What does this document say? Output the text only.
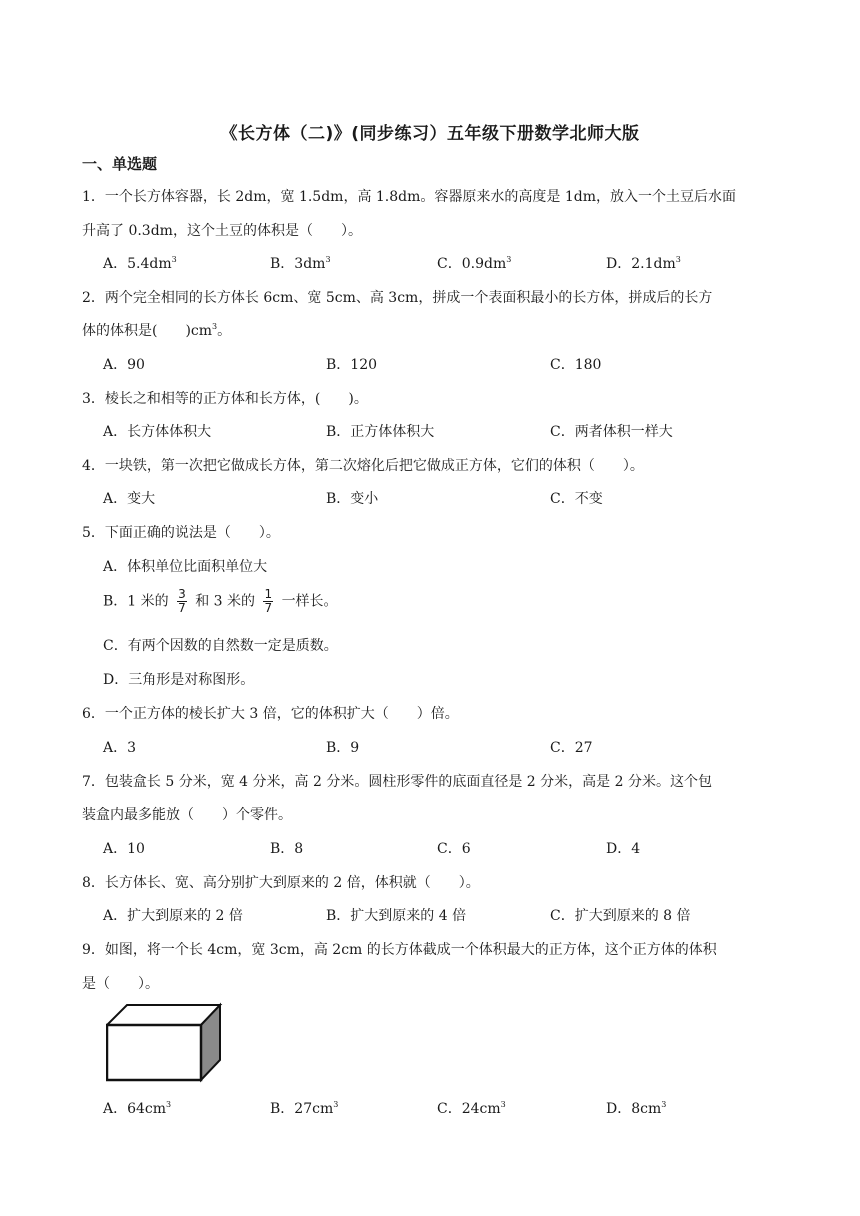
《长方体（二)》(同步练习）五年级下册数学北师大版
一、单选题
1．一个长方体容器，长 2dm，宽 1.5dm，高 1.8dm。容器原来水的高度是 1dm，放入一个土豆后水面
升高了 0.3dm，这个土豆的体积是（　　）。
A．$5.4dm^3$	B．$3dm^3$	C．$0.9dm^3$	D．$2.1dm^3$
2．两个完全相同的长方体长 6cm、宽 5cm、高 3cm，拼成一个表面积最小的长方体，拼成后的长方
体的体积是(　　)$cm^3$。
A．90	B．120	C．180
3．棱长之和相等的正方体和长方体，(　　)。
A．长方体体积大	B．正方体体积大	C．两者体积一样大
4．一块铁，第一次把它做成长方体，第二次熔化后把它做成正方体，它们的体积（　　）。
A．变大	B．变小	C．不变
5．下面正确的说法是（　　）。
A．体积单位比面积单位大
B．1 米的 $\frac{3}{7}$ 和 3 米的 $\frac{1}{7}$ 一样长。
C．有两个因数的自然数一定是质数。
D．三角形是对称图形。
6．一个正方体的棱长扩大 3 倍，它的体积扩大（　　）倍。
A．3	B．9	C．27
7．包装盒长 5 分米，宽 4 分米，高 2 分米。圆柱形零件的底面直径是 2 分米，高是 2 分米。这个包
装盒内最多能放（　　）个零件。
A．10	B．8	C．6	D．4
8．长方体长、宽、高分别扩大到原来的 2 倍，体积就（　　）。
A．扩大到原来的 2 倍	B．扩大到原来的 4 倍	C．扩大到原来的 8 倍
9．如图，将一个长 4cm，宽 3cm，高 2cm 的长方体截成一个体积最大的正方体，这个正方体的体积
是（　　）。
A．$64cm^3$	B．$27cm^3$	C．$24cm^3$	D．$8cm^3$
